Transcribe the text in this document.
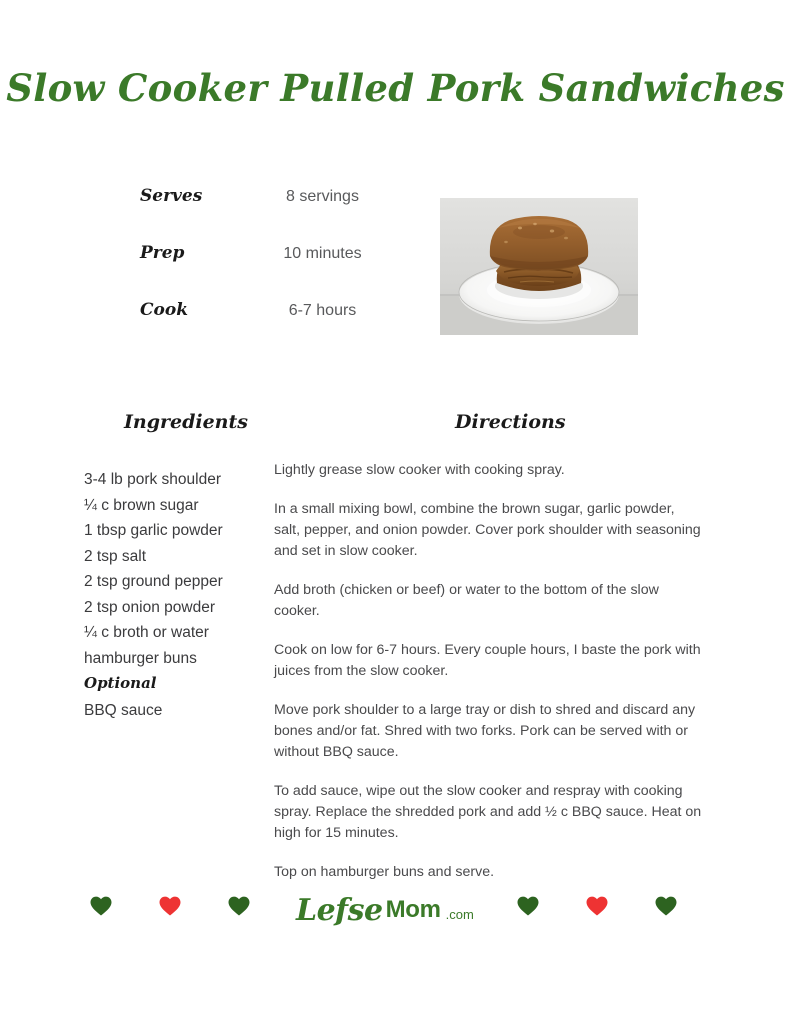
Slow Cooker Pulled Pork Sandwiches
Serves	8 servings
Prep	10 minutes
Cook	6-7 hours
Ingredients	Directions
3-4 lb pork shoulder
¼ c brown sugar
1 tbsp garlic powder
2 tsp salt
2 tsp ground pepper
2 tsp onion powder
¼ c broth or water
hamburger buns
Optional
BBQ sauce

Lightly grease slow cooker with cooking spray.

In a small mixing bowl, combine the brown sugar, garlic powder, salt, pepper, and onion powder. Cover pork shoulder with seasoning and set in slow cooker.

Add broth (chicken or beef) or water to the bottom of the slow cooker.

Cook on low for 6-7 hours. Every couple hours, I baste the pork with juices from the slow cooker.

Move pork shoulder to a large tray or dish to shred and discard any bones and/or fat. Shred with two forks. Pork can be served with or without BBQ sauce.

To add sauce, wipe out the slow cooker and respray with cooking spray. Replace the shredded pork and add ½ c BBQ sauce. Heat on high for 15 minutes.

Top on hamburger buns and serve.

Lefse Mom .com
